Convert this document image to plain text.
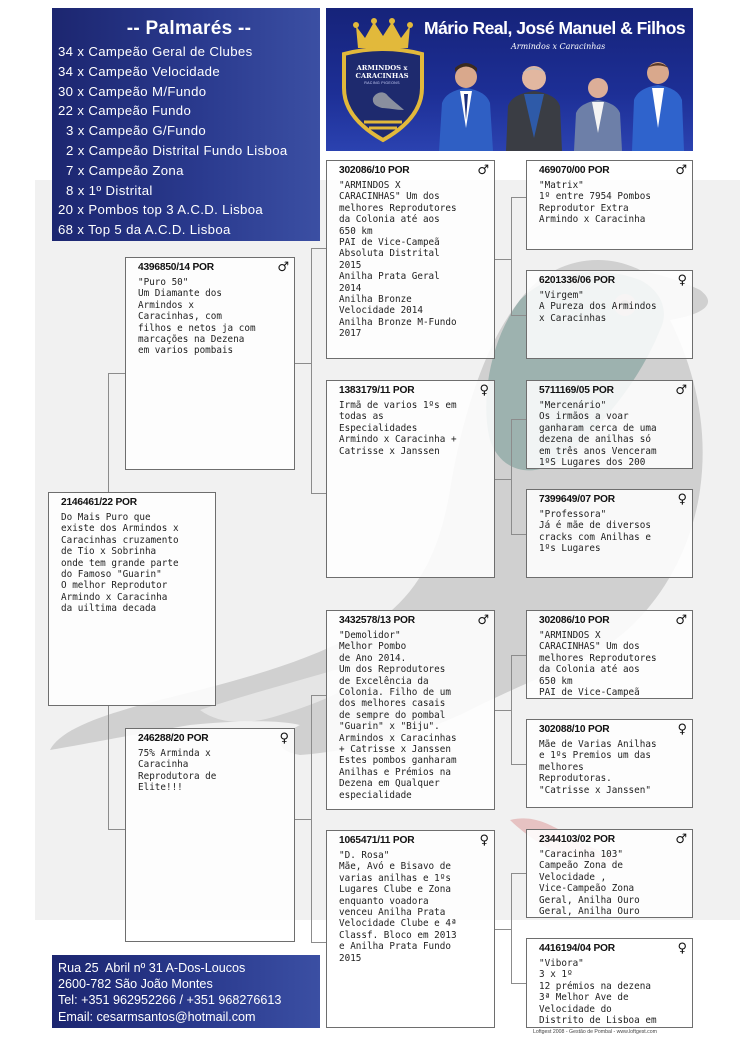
-- Palmarés --
34 x Campeão Geral de Clubes
34 x Campeão Velocidade
30 x Campeão M/Fundo
22 x Campeão Fundo
3 x Campeão G/Fundo
2 x Campeão Distrital Fundo Lisboa
7 x Campeão Zona
8 x 1º Distrital
20 x Pombos top 3 A.C.D. Lisboa
68 x Top 5 da A.C.D. Lisboa
ARMINDOS x
CARACINHAS
RACING PIGEONS
Mário Real, José Manuel & Filhos
Armindos x Caracinhas
2146461/22 POR
Do Mais Puro que
existe dos Armindos x
Caracinhas cruzamento
de Tio x Sobrinha
onde tem grande parte
do Famoso "Guarin"
O melhor Reprodutor
Armindo x Caracinha
da uiltima decada
4396850/14 POR	♂
"Puro 50"
Um Diamante dos
Armindos x
Caracinhas, com
filhos e netos ja com
marcações na Dezena
em varios pombais
246288/20 POR	♀
75% Arminda x
Caracinha
Reprodutora de
Elite!!!
302086/10 POR	♂
"ARMINDOS X
CARACINHAS" Um dos
melhores Reprodutores
da Colonia até aos
650 km
PAI de Vice-Campeã
Absoluta Distrital
2015
Anilha Prata Geral
2014
Anilha Bronze
Velocidade 2014
Anilha Bronze M-Fundo
2017
1383179/11 POR	♀
Irmã de varios 1ºs em
todas as
Especialidades
Armindo x Caracinha +
Catrisse x Janssen
3432578/13 POR	♂
"Demolidor"
Melhor Pombo
de Ano 2014.
Um dos Reprodutores
de Excelência da
Colonia. Filho de um
dos melhores casais
de sempre do pombal
"Guarin" x "Biju".
Armindos x Caracinhas
+ Catrisse x Janssen
Estes pombos ganharam
Anilhas e Prémios na
Dezena em Qualquer
especialidade
1065471/11 POR	♀
"D. Rosa"
Mãe, Avó e Bisavo de
varias anilhas e 1ºs
Lugares Clube e Zona
enquanto voadora
venceu Anilha Prata
Velocidade Clube e 4ª
Classf. Bloco em 2013
e Anilha Prata Fundo
2015
469070/00 POR	♂
"Matrix"
1º entre 7954 Pombos
Reprodutor Extra
Armindo x Caracinha
6201336/06 POR	♀
"Virgem"
A Pureza dos Armindos
x Caracinhas
5711169/05 POR	♂
"Mercenário"
Os irmãos a voar
ganharam cerca de uma
dezena de anilhas só
em três anos Venceram
1ºS Lugares dos 200
7399649/07 POR	♀
"Professora"
Já é mãe de diversos
cracks com Anilhas e
1ºs Lugares
302086/10 POR	♂
"ARMINDOS X
CARACINHAS" Um dos
melhores Reprodutores
da Colonia até aos
650 km
PAI de Vice-Campeã
302088/10 POR	♀
Mãe de Varias Anilhas
e 1ºs Premios um das
melhores
Reprodutoras.
"Catrisse x Janssen"
2344103/02 POR	♂
"Caracinha 103"
Campeão Zona de
Velocidade ,
Vice-Campeão Zona
Geral, Anilha Ouro
Geral, Anilha Ouro
4416194/04 POR	♀
"Vibora"
3 x 1º
12 prémios na dezena
3ª Melhor Ave de
Velocidade do
Distrito de Lisboa em
Rua 25  Abril nº 31 A-Dos-Loucos
2600-782 São João Montes
Tel: +351 962952266 / +351 968276613
Email: cesarmsantos@hotmail.com
Loftgest 2008 - Gestão de Pombal - www.loftgest.com
